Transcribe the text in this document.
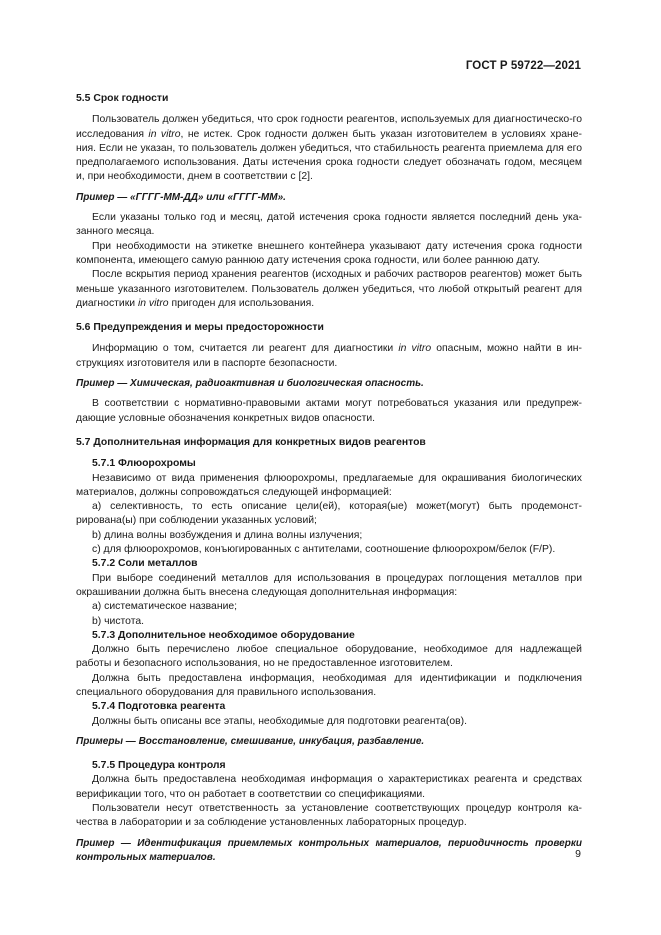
ГОСТ Р 59722—2021

5.5 Срок годности

Пользователь должен убедиться, что срок годности реагентов, используемых для диагностическо-го исследования in vitro, не истек. Срок годности должен быть указан изготовителем в условиях хране-ния. Если не указан, то пользователь должен убедиться, что стабильность реагента приемлема для его предполагаемого использования. Даты истечения срока годности следует обозначать годом, месяцем и, при необходимости, днем в соответствии с [2].

Пример — «ГГГГ-ММ-ДД» или «ГГГГ-ММ».

Если указаны только год и месяц, датой истечения срока годности является последний день ука-занного месяца.

При необходимости на этикетке внешнего контейнера указывают дату истечения срока годности компонента, имеющего самую раннюю дату истечения срока годности, или более раннюю дату.

После вскрытия период хранения реагентов (исходных и рабочих растворов реагентов) может быть меньше указанного изготовителем. Пользователь должен убедиться, что любой открытый реагент для диагностики in vitro пригоден для использования.

5.6 Предупреждения и меры предосторожности

Информацию о том, считается ли реагент для диагностики in vitro опасным, можно найти в ин-струкциях изготовителя или в паспорте безопасности.

Пример — Химическая, радиоактивная и биологическая опасность.

В соответствии с нормативно-правовыми актами могут потребоваться указания или предупреж-дающие условные обозначения конкретных видов опасности.

5.7 Дополнительная информация для конкретных видов реагентов

5.7.1 Флюорохромы

Независимо от вида применения флюорохромы, предлагаемые для окрашивания биологических материалов, должны сопровождаться следующей информацией:

a) селективность, то есть описание цели(ей), которая(ые) может(могут) быть продемонст-рирована(ы) при соблюдении указанных условий;

b) длина волны возбуждения и длина волны излучения;

c) для флюорохромов, конъюгированных с антителами, соотношение флюорохром/белок (F/P).

5.7.2 Соли металлов

При выборе соединений металлов для использования в процедурах поглощения металлов при окрашивании должна быть внесена следующая дополнительная информация:

a) систематическое название;

b) чистота.

5.7.3 Дополнительное необходимое оборудование

Должно быть перечислено любое специальное оборудование, необходимое для надлежащей работы и безопасного использования, но не предоставленное изготовителем.

Должна быть предоставлена информация, необходимая для идентификации и подключения специального оборудования для правильного использования.

5.7.4 Подготовка реагента

Должны быть описаны все этапы, необходимые для подготовки реагента(ов).

Примеры — Восстановление, смешивание, инкубация, разбавление.

5.7.5 Процедура контроля

Должна быть предоставлена необходимая информация о характеристиках реагента и средствах верификации того, что он работает в соответствии со спецификациями.

Пользователи несут ответственность за установление соответствующих процедур контроля ка-чества в лаборатории и за соблюдение установленных лабораторных процедур.

Пример — Идентификация приемлемых контрольных материалов, периодичность проверки контрольных материалов.	9
